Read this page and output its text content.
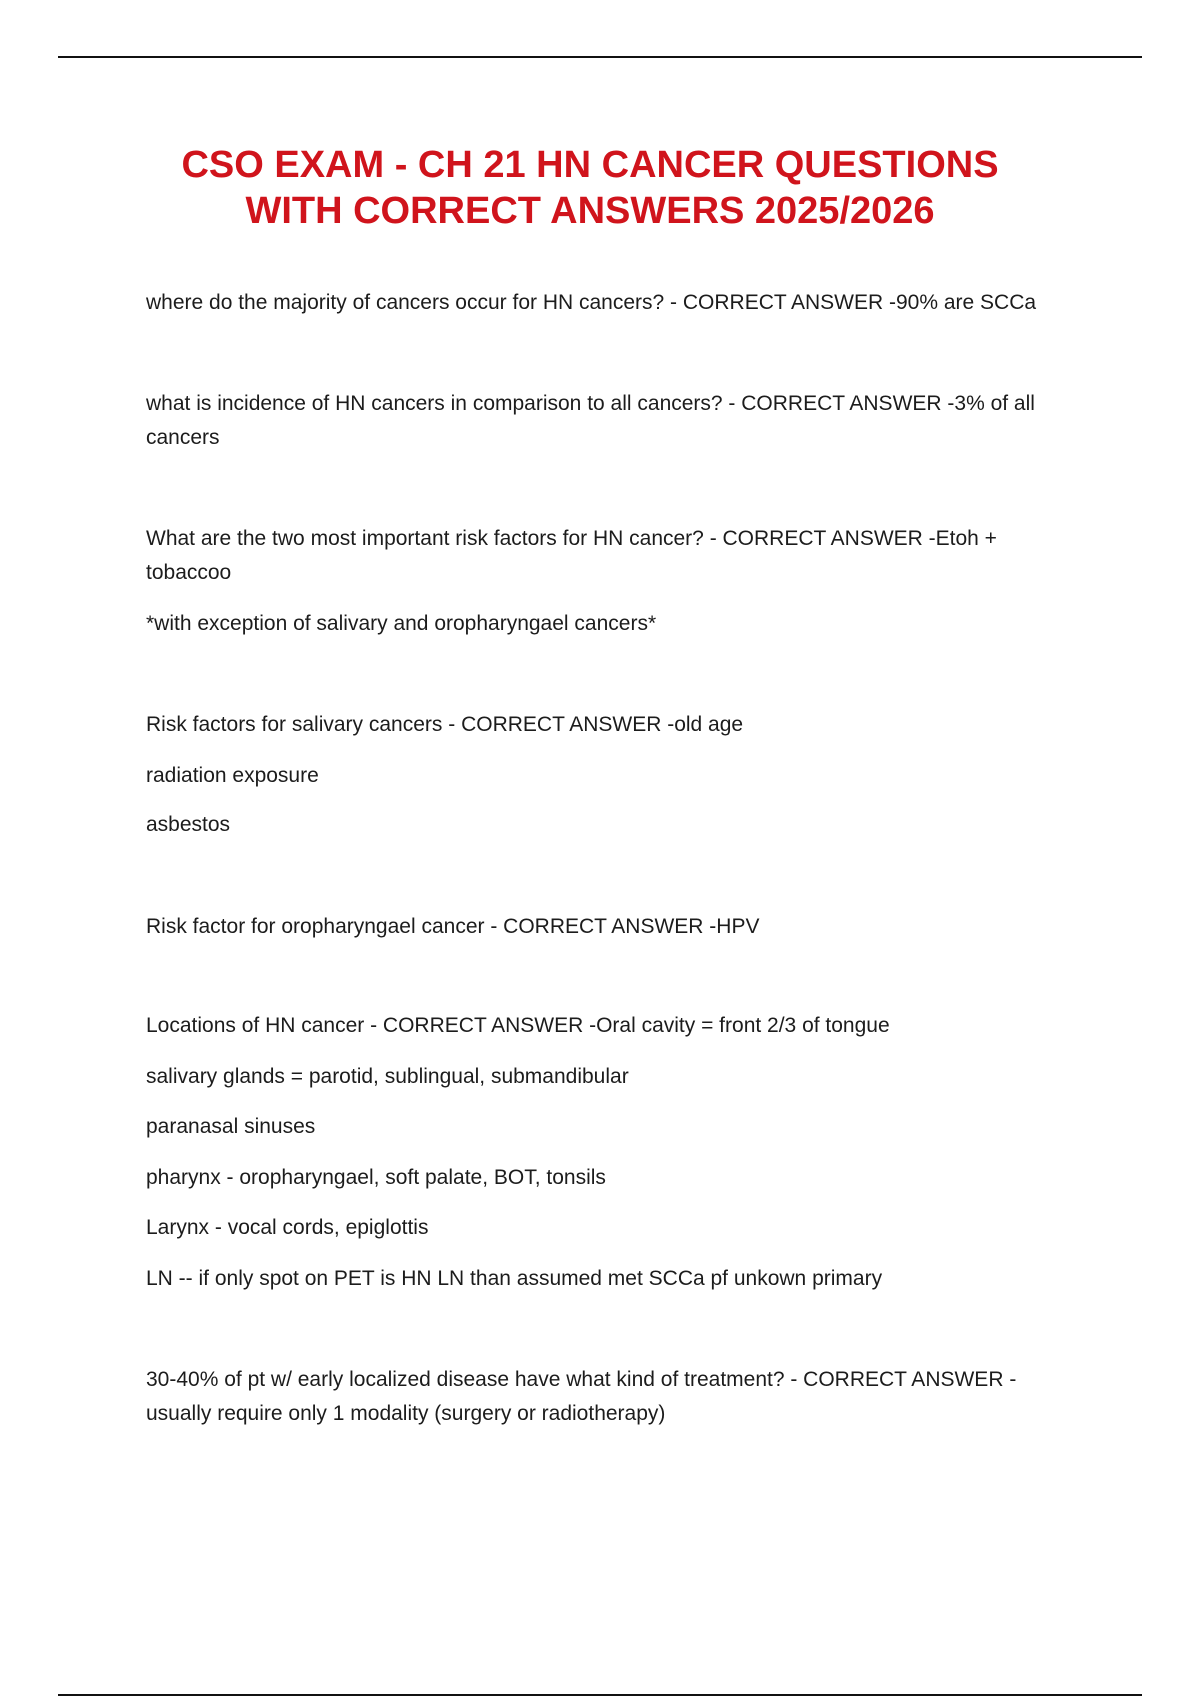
CSO EXAM - CH 21 HN CANCER QUESTIONS
WITH CORRECT ANSWERS 2025/2026

where do the majority of cancers occur for HN cancers? - CORRECT ANSWER -90% are SCCa

what is incidence of HN cancers in comparison to all cancers? - CORRECT ANSWER -3% of all

cancers

What are the two most important risk factors for HN cancer? - CORRECT ANSWER -Etoh +

tobaccoo

*with exception of salivary and oropharyngael cancers*

Risk factors for salivary cancers - CORRECT ANSWER -old age

radiation exposure

asbestos

Risk factor for oropharyngael cancer - CORRECT ANSWER -HPV

Locations of HN cancer - CORRECT ANSWER -Oral cavity = front 2/3 of tongue

salivary glands = parotid, sublingual, submandibular

paranasal sinuses

pharynx - oropharyngael, soft palate, BOT, tonsils

Larynx - vocal cords, epiglottis

LN -- if only spot on PET is HN LN than assumed met SCCa pf unkown primary

30-40% of pt w/ early localized disease have what kind of treatment? - CORRECT ANSWER -

usually require only 1 modality (surgery or radiotherapy)
